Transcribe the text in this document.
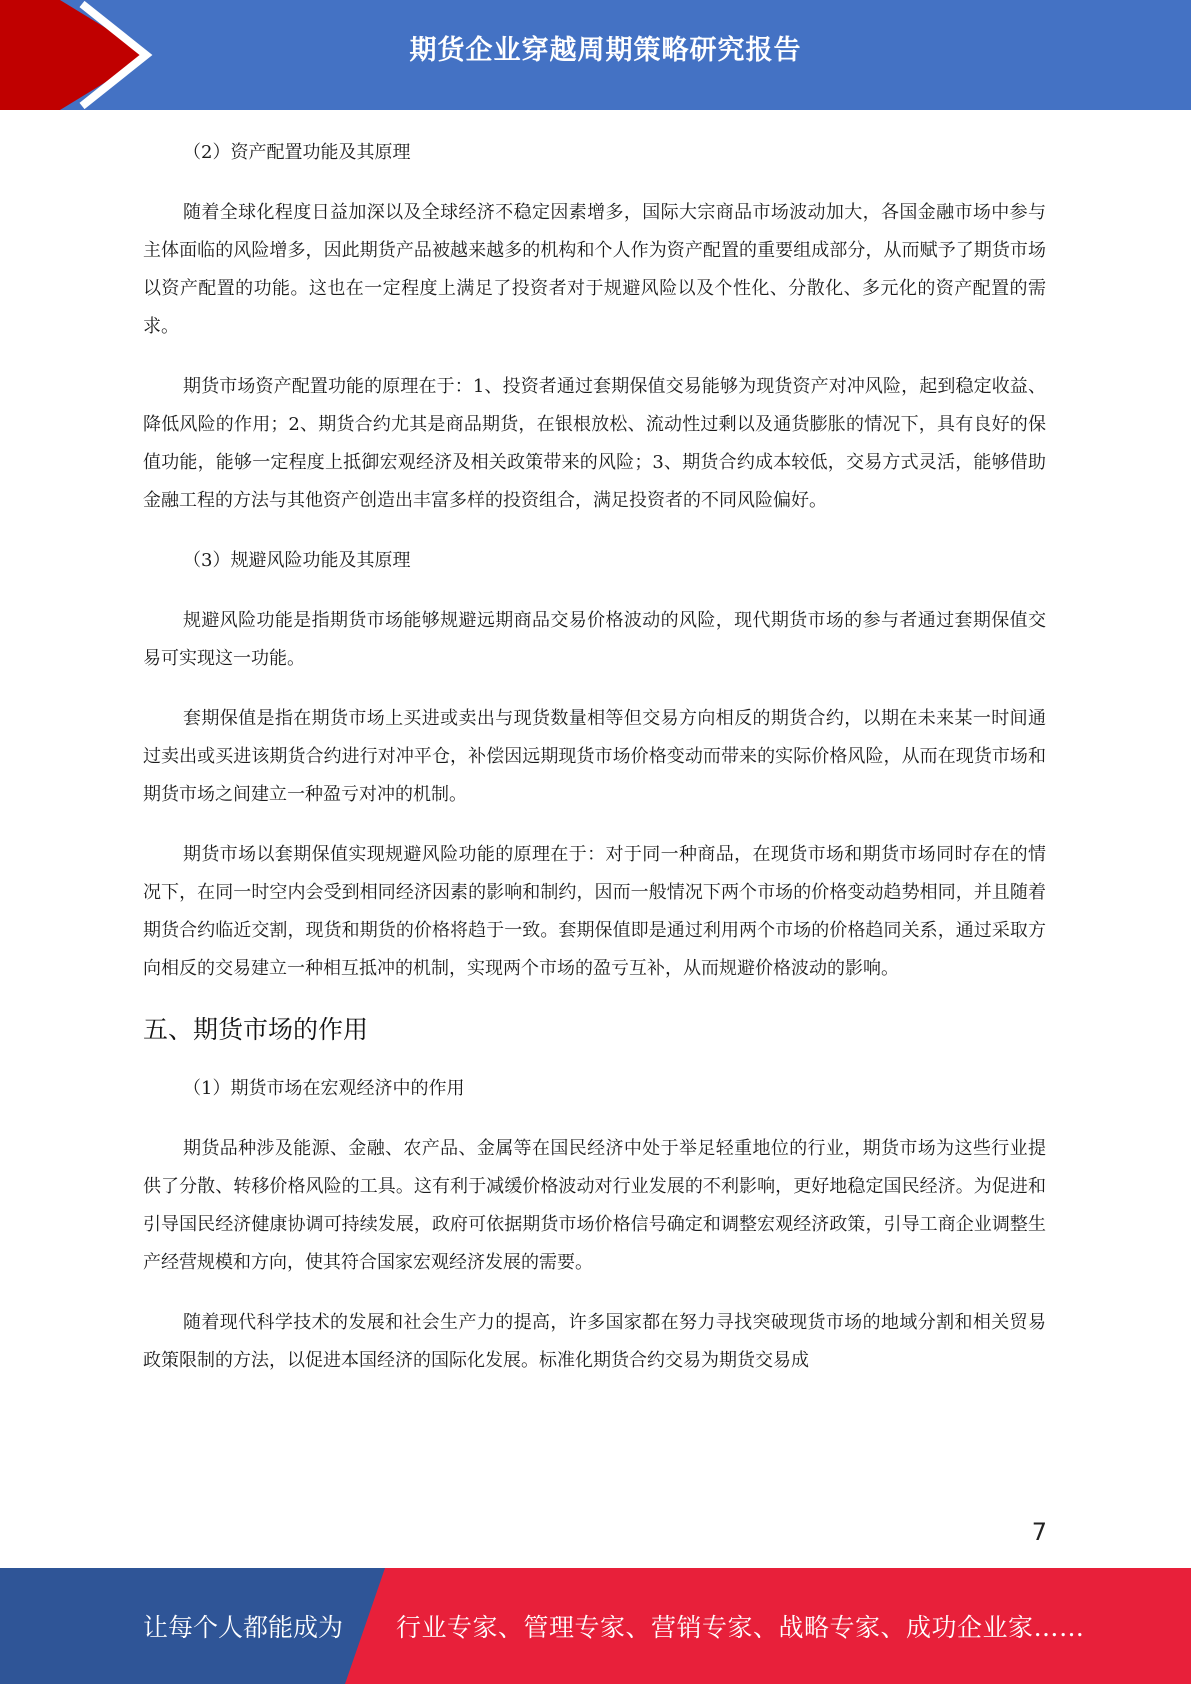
期货企业穿越周期策略研究报告
（2）资产配置功能及其原理

随着全球化程度日益加深以及全球经济不稳定因素增多，国际大宗商品市场波动加大，各国金融市场中参与主体面临的风险增多，因此期货产品被越来越多的机构和个人作为资产配置的重要组成部分，从而赋予了期货市场以资产配置的功能。这也在一定程度上满足了投资者对于规避风险以及个性化、分散化、多元化的资产配置的需求。

期货市场资产配置功能的原理在于：1、投资者通过套期保值交易能够为现货资产对冲风险，起到稳定收益、降低风险的作用；2、期货合约尤其是商品期货，在银根放松、流动性过剩以及通货膨胀的情况下，具有良好的保值功能，能够一定程度上抵御宏观经济及相关政策带来的风险；3、期货合约成本较低，交易方式灵活，能够借助金融工程的方法与其他资产创造出丰富多样的投资组合，满足投资者的不同风险偏好。

（3）规避风险功能及其原理

规避风险功能是指期货市场能够规避远期商品交易价格波动的风险，现代期货市场的参与者通过套期保值交易可实现这一功能。

套期保值是指在期货市场上买进或卖出与现货数量相等但交易方向相反的期货合约，以期在未来某一时间通过卖出或买进该期货合约进行对冲平仓，补偿因远期现货市场价格变动而带来的实际价格风险，从而在现货市场和期货市场之间建立一种盈亏对冲的机制。

期货市场以套期保值实现规避风险功能的原理在于：对于同一种商品，在现货市场和期货市场同时存在的情况下，在同一时空内会受到相同经济因素的影响和制约，因而一般情况下两个市场的价格变动趋势相同，并且随着期货合约临近交割，现货和期货的价格将趋于一致。套期保值即是通过利用两个市场的价格趋同关系，通过采取方向相反的交易建立一种相互抵冲的机制，实现两个市场的盈亏互补，从而规避价格波动的影响。

五、期货市场的作用
（1）期货市场在宏观经济中的作用

期货品种涉及能源、金融、农产品、金属等在国民经济中处于举足轻重地位的行业，期货市场为这些行业提供了分散、转移价格风险的工具。这有利于减缓价格波动对行业发展的不利影响，更好地稳定国民经济。为促进和引导国民经济健康协调可持续发展，政府可依据期货市场价格信号确定和调整宏观经济政策，引导工商企业调整生产经营规模和方向，使其符合国家宏观经济发展的需要。

随着现代科学技术的发展和社会生产力的提高，许多国家都在努力寻找突破现货市场的地域分割和相关贸易政策限制的方法，以促进本国经济的国际化发展。标准化期货合约交易为期货交易成

7
让每个人都能成为 行业专家、管理专家、营销专家、战略专家、成功企业家……
